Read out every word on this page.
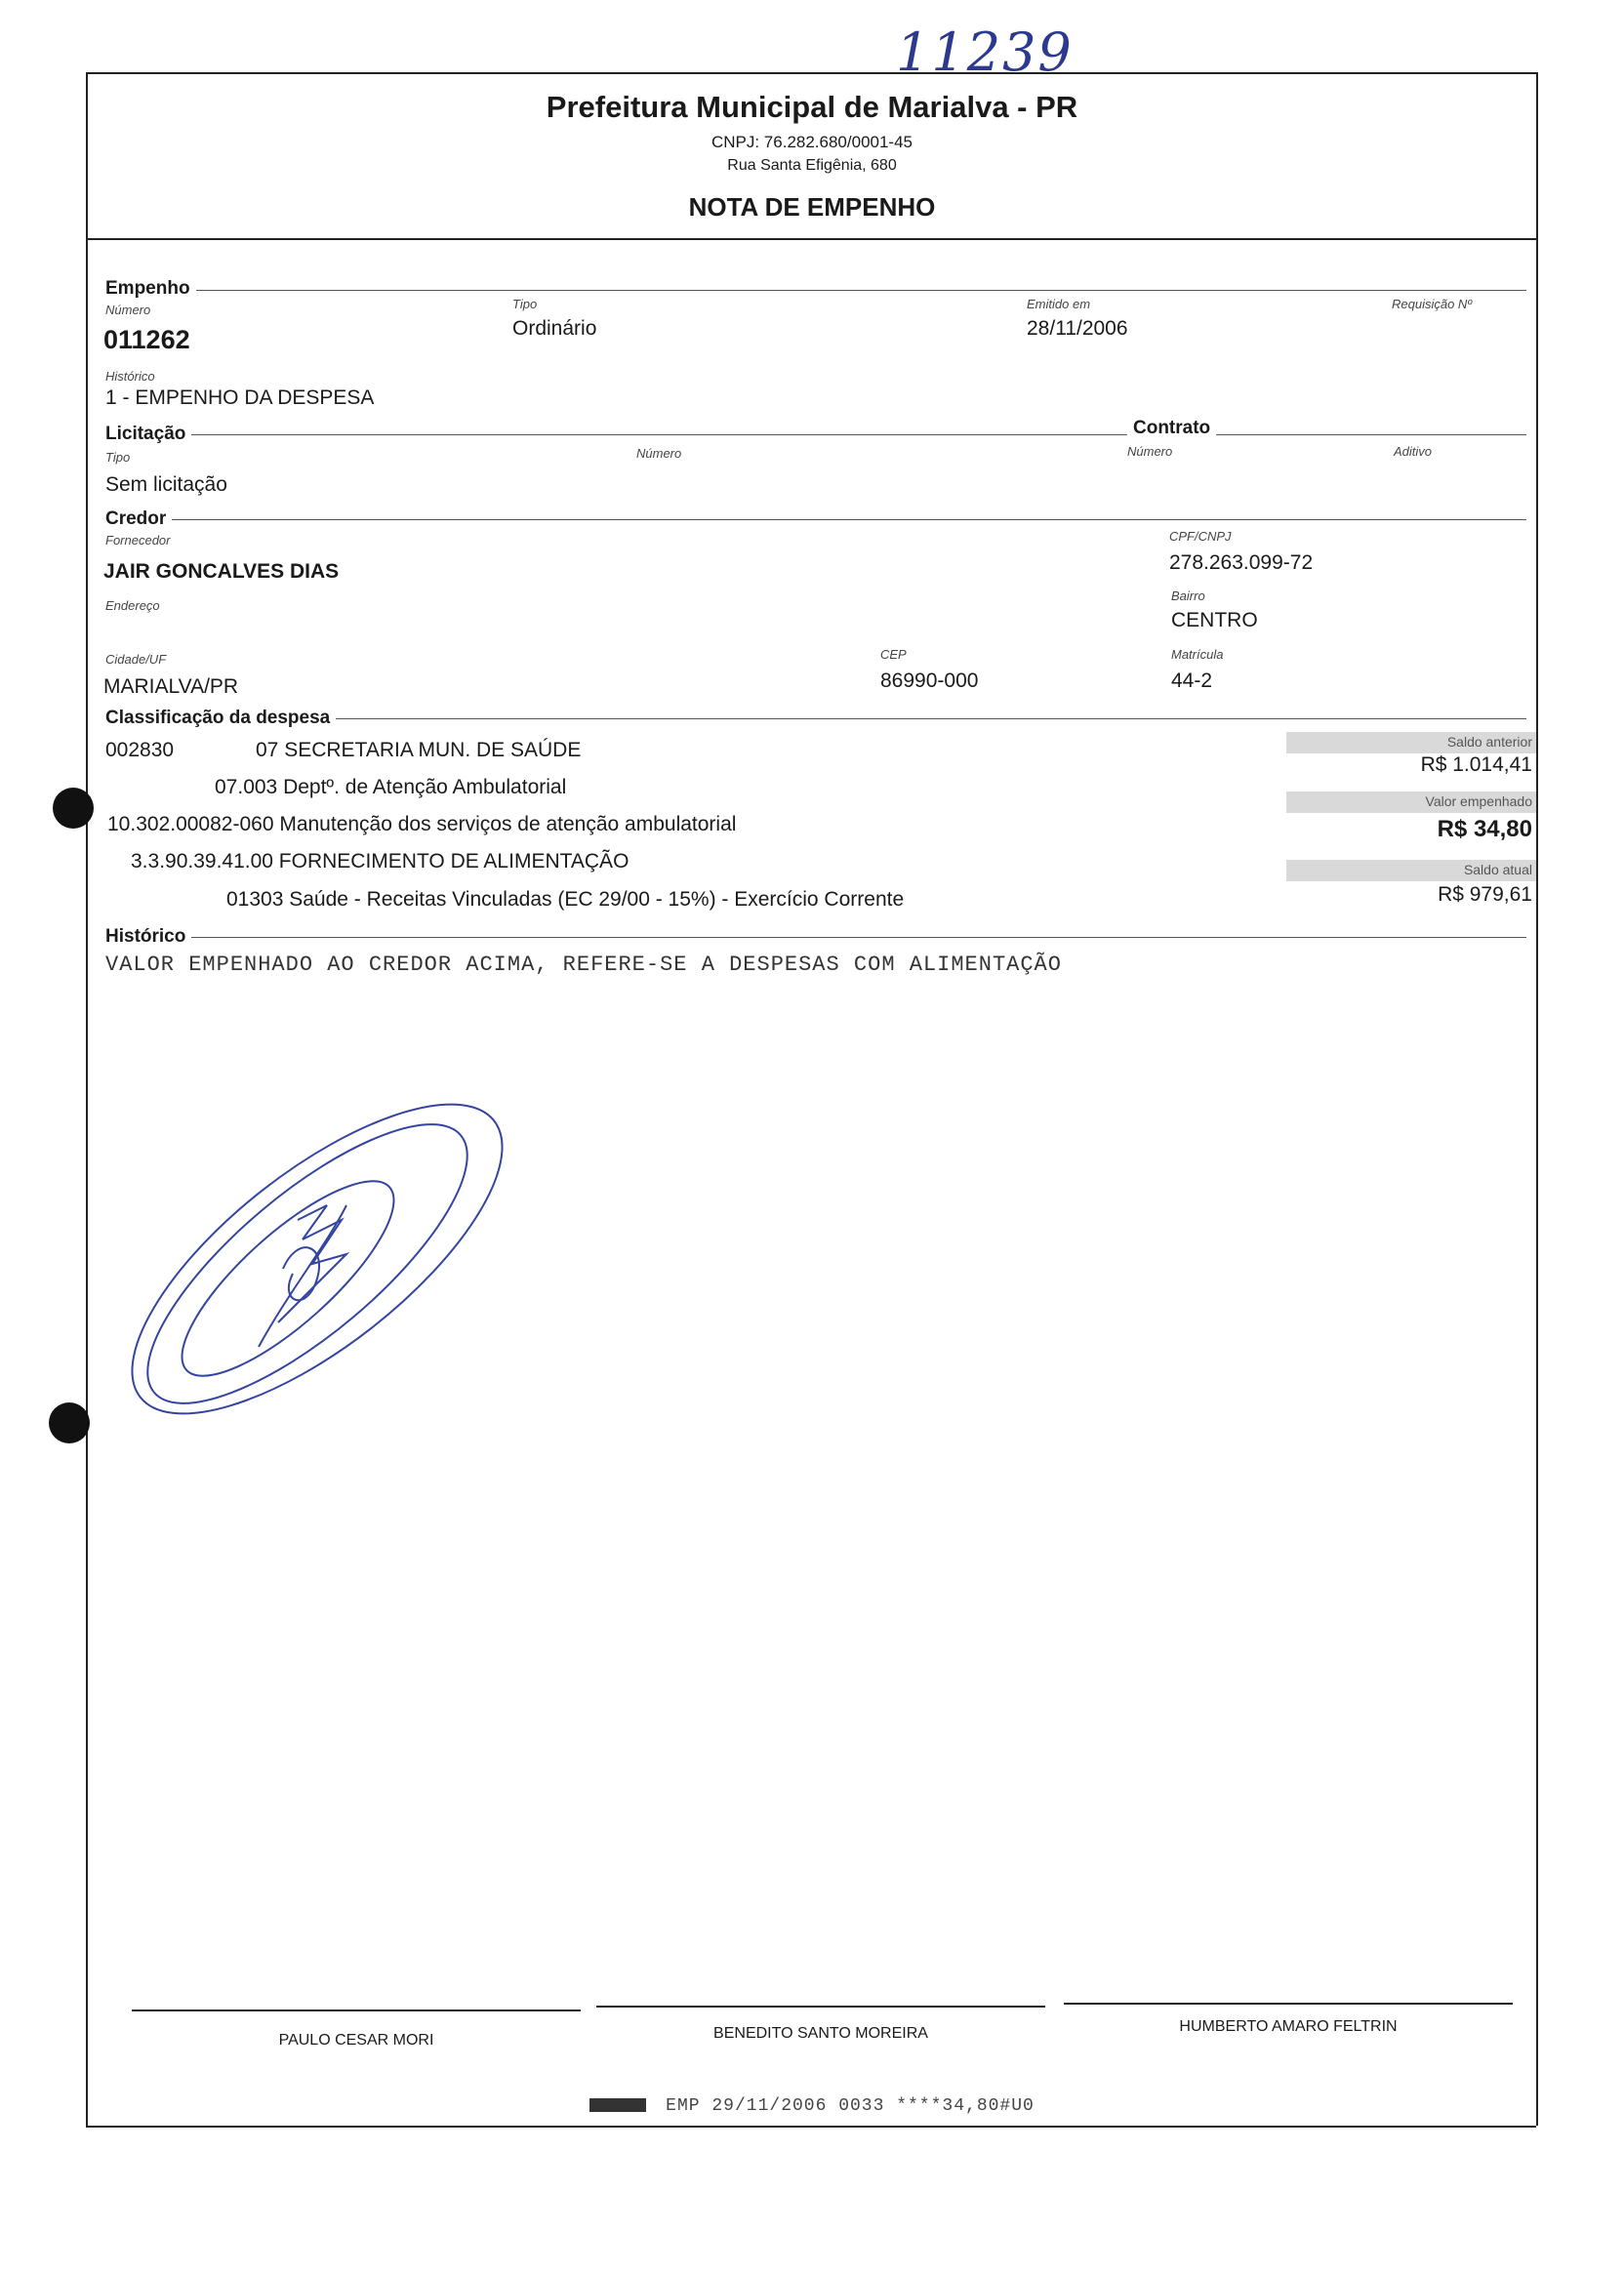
11239
Prefeitura Municipal de Marialva - PR
CNPJ: 76.282.680/0001-45
Rua Santa Efigênia, 680
NOTA DE EMPENHO
Empenho
Número
011262
Tipo
Ordinário
Emitido em
28/11/2006
Requisição Nº
Histórico
1 - EMPENHO DA DESPESA
Licitação	Contrato
Tipo
Sem licitação
Número	Número	Aditivo
Credor
Fornecedor
JAIR GONCALVES DIAS
CPF/CNPJ
278.263.099-72
Endereço
Bairro
CENTRO
Cidade/UF
MARIALVA/PR
CEP
86990-000
Matrícula
44-2
Classificação da despesa
002830	07 SECRETARIA MUN. DE SAÚDE
07.003 Deptº. de Atenção Ambulatorial
10.302.00082-060 Manutenção dos serviços de atenção ambulatorial
3.3.90.39.41.00 FORNECIMENTO DE ALIMENTAÇÃO
01303 Saúde - Receitas Vinculadas (EC 29/00 - 15%) - Exercício Corrente
Saldo anterior
R$ 1.014,41
Valor empenhado
R$ 34,80
Saldo atual
R$ 979,61
Histórico
VALOR EMPENHADO AO CREDOR ACIMA, REFERE-SE A DESPESAS COM ALIMENTAÇÃO
PAULO CESAR MORI	BENEDITO SANTO MOREIRA	HUMBERTO AMARO FELTRIN
EMP 29/11/2006 0033 ****34,80#U0
